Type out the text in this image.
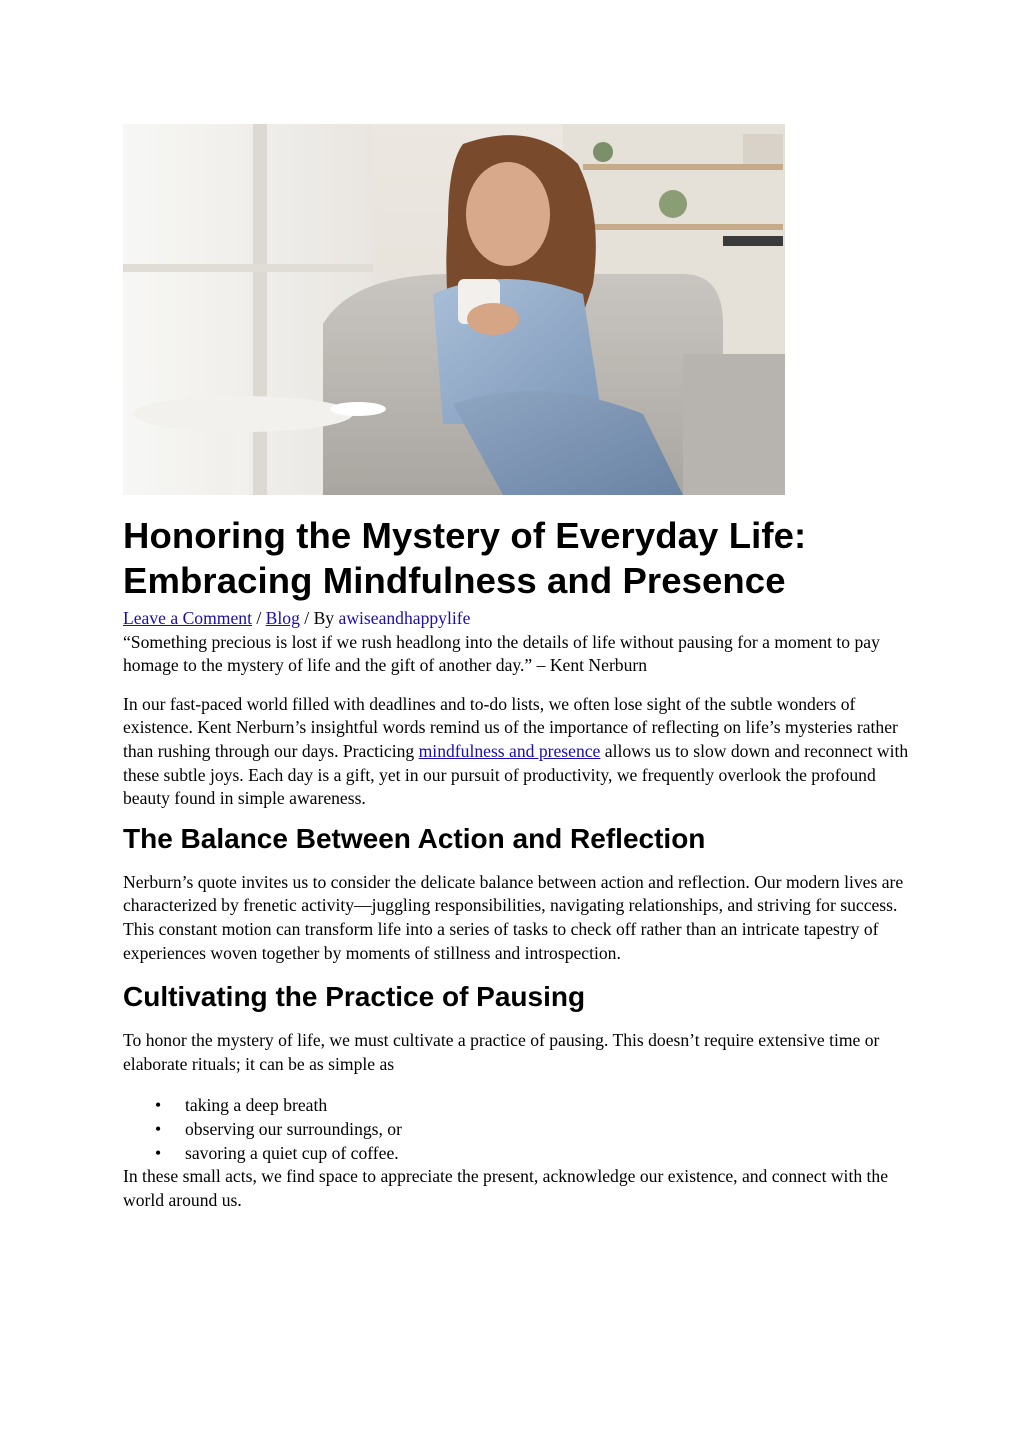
Honoring the Mystery of Everyday Life: Embracing Mindfulness and Presence
Leave a Comment / Blog / By awiseandhappylife

“Something precious is lost if we rush headlong into the details of life without pausing for a moment to pay homage to the mystery of life and the gift of another day.” – Kent Nerburn

In our fast-paced world filled with deadlines and to-do lists, we often lose sight of the subtle wonders of existence. Kent Nerburn’s insightful words remind us of the importance of reflecting on life’s mysteries rather than rushing through our days. Practicing mindfulness and presence allows us to slow down and reconnect with these subtle joys. Each day is a gift, yet in our pursuit of productivity, we frequently overlook the profound beauty found in simple awareness.

The Balance Between Action and Reflection

Nerburn’s quote invites us to consider the delicate balance between action and reflection. Our modern lives are characterized by frenetic activity—juggling responsibilities, navigating relationships, and striving for success. This constant motion can transform life into a series of tasks to check off rather than an intricate tapestry of experiences woven together by moments of stillness and introspection.

Cultivating the Practice of Pausing

To honor the mystery of life, we must cultivate a practice of pausing. This doesn’t require extensive time or elaborate rituals; it can be as simple as

• taking a deep breath
• observing our surroundings, or
• savoring a quiet cup of coffee.

In these small acts, we find space to appreciate the present, acknowledge our existence, and connect with the world around us.
